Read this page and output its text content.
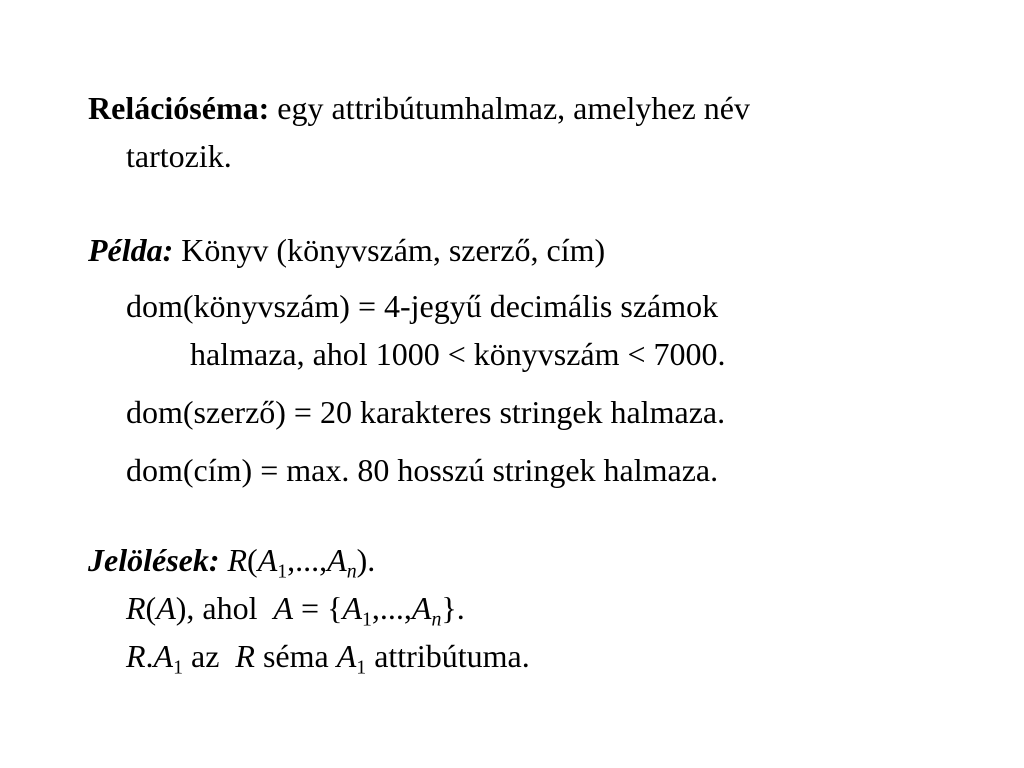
Relációséma: egy attribútumhalmaz, amelyhez név
tartozik.
Példa: Könyv (könyvszám, szerző, cím)
dom(könyvszám) = 4-jegyű decimális számok
halmaza, ahol 1000 < könyvszám < 7000.
dom(szerző) = 20 karakteres stringek halmaza.
dom(cím) = max. 80 hosszú stringek halmaza.
Jelölések: $R(A_1,...,A_n)$.
R(A), ahol  $A = \{A_1,...,A_n\}$.
$R.A_1$ az  R séma $A_1$ attribútuma.
